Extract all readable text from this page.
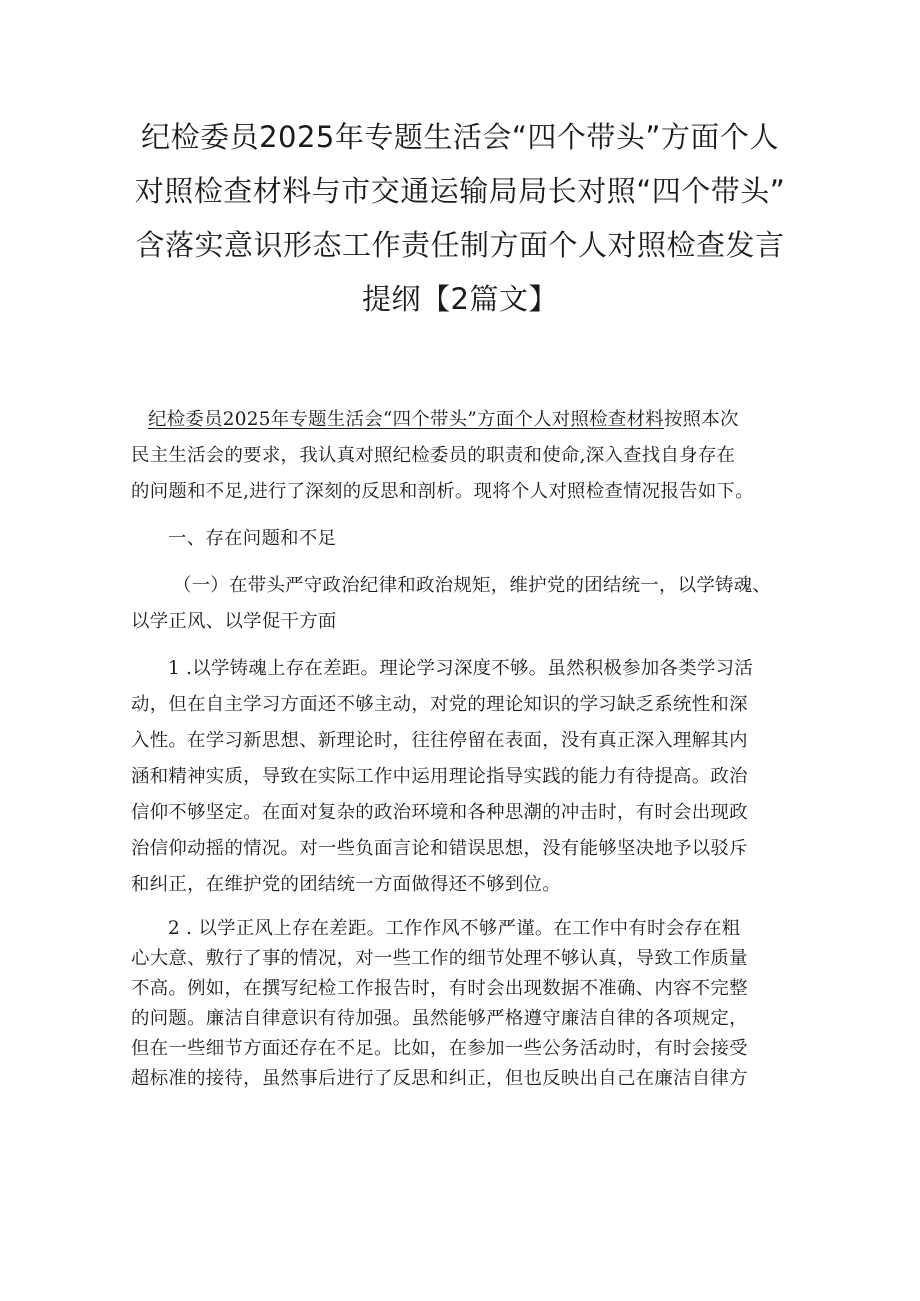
纪检委员2025年专题生活会“四个带头”方面个人
对照检查材料与市交通运输局局长对照“四个带头”
含落实意识形态工作责任制方面个人对照检查发言
提纲【2篇文】

纪检委员2025年专题生活会“四个带头”方面个人对照检查材料按照本次
民主生活会的要求，我认真对照纪检委员的职责和使命,深入查找自身存在
的问题和不足,进行了深刻的反思和剖析。现将个人对照检查情况报告如下。

一、存在问题和不足

（一）在带头严守政治纪律和政治规矩，维护党的团结统一，以学铸魂、
以学正风、以学促干方面

1 .以学铸魂上存在差距。理论学习深度不够。虽然积极参加各类学习活
动，但在自主学习方面还不够主动，对党的理论知识的学习缺乏系统性和深
入性。在学习新思想、新理论时，往往停留在表面，没有真正深入理解其内
涵和精神实质，导致在实际工作中运用理论指导实践的能力有待提高。政治
信仰不够坚定。在面对复杂的政治环境和各种思潮的冲击时，有时会出现政
治信仰动摇的情况。对一些负面言论和错误思想，没有能够坚决地予以驳斥
和纠正，在维护党的团结统一方面做得还不够到位。

2 . 以学正风上存在差距。工作作风不够严谨。在工作中有时会存在粗
心大意、敷行了事的情况，对一些工作的细节处理不够认真，导致工作质量
不高。例如，在撰写纪检工作报告时，有时会出现数据不准确、内容不完整
的问题。廉洁自律意识有待加强。虽然能够严格遵守廉洁自律的各项规定，
但在一些细节方面还存在不足。比如，在参加一些公务活动时，有时会接受
超标准的接待，虽然事后进行了反思和纠正，但也反映出自己在廉洁自律方
